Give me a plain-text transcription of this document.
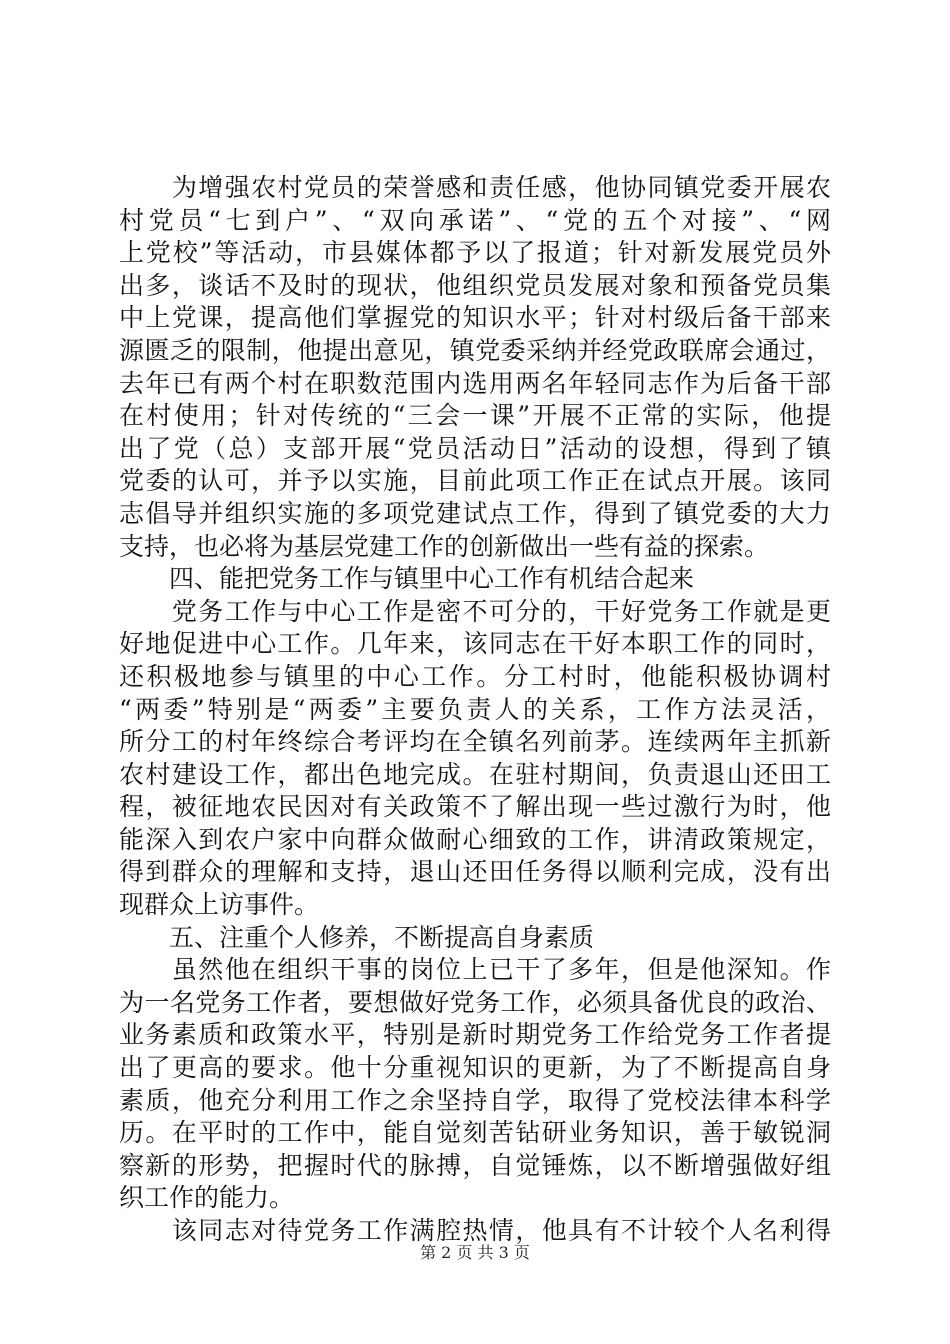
　　为增强农村党员的荣誉感和责任感，他协同镇党委开展农
村党员“七到户”、“双向承诺”、“党的五个对接”、“网
上党校”等活动，市县媒体都予以了报道；针对新发展党员外
出多，谈话不及时的现状，他组织党员发展对象和预备党员集
中上党课，提高他们掌握党的知识水平；针对村级后备干部来
源匮乏的限制，他提出意见，镇党委采纳并经党政联席会通过，
去年已有两个村在职数范围内选用两名年轻同志作为后备干部
在村使用；针对传统的“三会一课”开展不正常的实际，他提
出了党（总）支部开展“党员活动日”活动的设想，得到了镇
党委的认可，并予以实施，目前此项工作正在试点开展。该同
志倡导并组织实施的多项党建试点工作，得到了镇党委的大力
支持，也必将为基层党建工作的创新做出一些有益的探索。
　　四、能把党务工作与镇里中心工作有机结合起来
　　党务工作与中心工作是密不可分的，干好党务工作就是更
好地促进中心工作。几年来，该同志在干好本职工作的同时，
还积极地参与镇里的中心工作。分工村时，他能积极协调村
“两委”特别是“两委”主要负责人的关系，工作方法灵活，
所分工的村年终综合考评均在全镇名列前茅。连续两年主抓新
农村建设工作，都出色地完成。在驻村期间，负责退山还田工
程，被征地农民因对有关政策不了解出现一些过激行为时，他
能深入到农户家中向群众做耐心细致的工作，讲清政策规定，
得到群众的理解和支持，退山还田任务得以顺利完成，没有出
现群众上访事件。
　　五、注重个人修养，不断提高自身素质
　　虽然他在组织干事的岗位上已干了多年，但是他深知。作
为一名党务工作者，要想做好党务工作，必须具备优良的政治、
业务素质和政策水平，特别是新时期党务工作给党务工作者提
出了更高的要求。他十分重视知识的更新，为了不断提高自身
素质，他充分利用工作之余坚持自学，取得了党校法律本科学
历。在平时的工作中，能自觉刻苦钻研业务知识，善于敏锐洞
察新的形势，把握时代的脉搏，自觉锤炼，以不断增强做好组
织工作的能力。
　　该同志对待党务工作满腔热情，他具有不计较个人名利得
第 2 页 共 3 页
